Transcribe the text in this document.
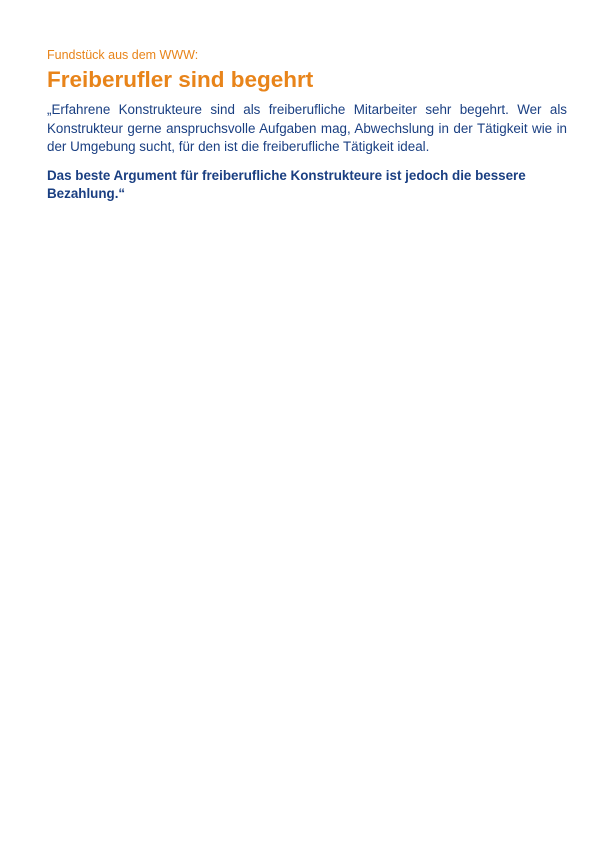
Fundstück aus dem WWW:

Freiberufler sind begehrt

„Erfahrene Konstrukteure sind als freiberufliche Mitarbeiter sehr begehrt. Wer als Konstrukteur gerne anspruchsvolle Aufgaben mag, Abwechslung in der Tätigkeit wie in der Umgebung sucht, für den ist die freiberufliche Tätigkeit ideal.

Das beste Argument für freiberufliche Konstrukteure ist jedoch die bessere Bezahlung.“
